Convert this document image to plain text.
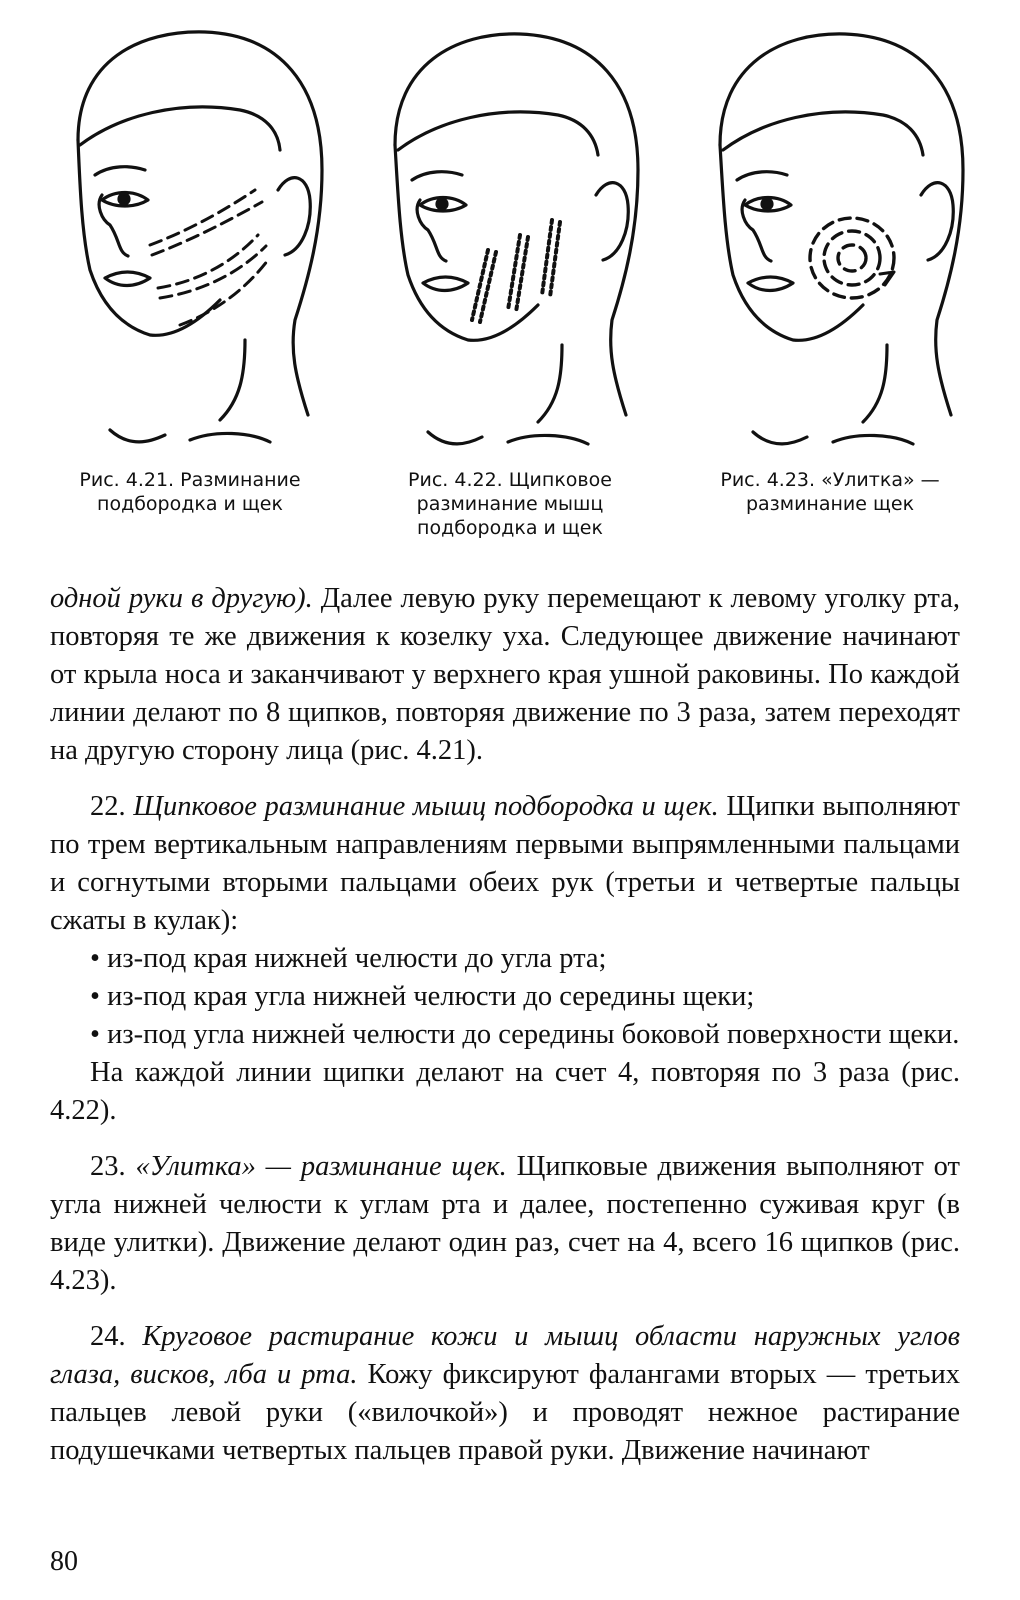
Рис. 4.21. Разминание
подбородка и щек
Рис. 4.22. Щипковое
разминание мышц
подбородка и щек
Рис. 4.23. «Улитка» —
разминание щек

одной руки в другую). Далее левую руку перемещают к левому уголку рта, повторяя те же движения к козелку уха. Следующее движение начинают от крыла носа и заканчивают у верхнего края ушной раковины. По каждой линии делают по 8 щипков, повторяя движение по 3 раза, затем переходят на другую сторону лица (рис. 4.21).

22. Щипковое разминание мышц подбородка и щек. Щипки выполняют по трем вертикальным направлениям первыми выпрямленными пальцами и согнутыми вторыми пальцами обеих рук (третьи и четвертые пальцы сжаты в кулак):

• из-под края нижней челюсти до угла рта;

• из-под края угла нижней челюсти до середины щеки;

• из-под угла нижней челюсти до середины боковой поверхности щеки.

На каждой линии щипки делают на счет 4, повторяя по 3 раза (рис. 4.22).

23. «Улитка» — разминание щек. Щипковые движения выполняют от угла нижней челюсти к углам рта и далее, постепенно суживая круг (в виде улитки). Движение делают один раз, счет на 4, всего 16 щипков (рис. 4.23).

24. Круговое растирание кожи и мышц области наружных углов глаза, висков, лба и рта. Кожу фиксируют фалангами вторых — третьих пальцев левой руки («вилочкой») и проводят нежное растирание подушечками четвертых пальцев правой руки. Движение начинают

80
